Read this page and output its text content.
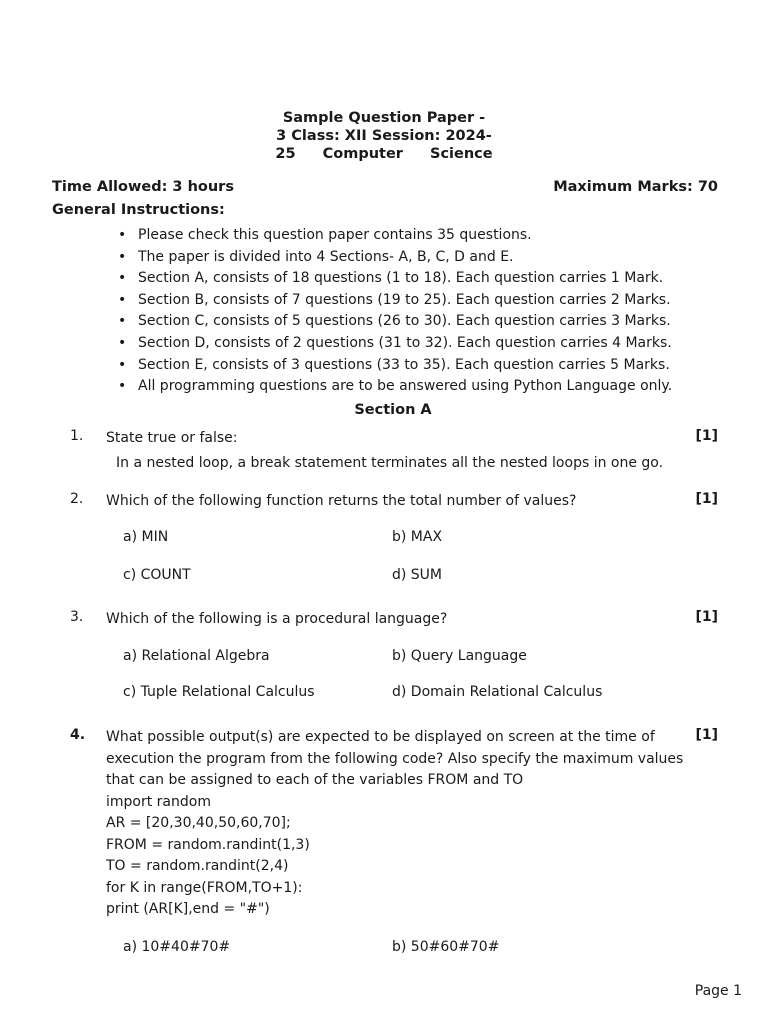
Sample Question Paper -
3 Class: XII Session: 2024-
25 Computer Science
Time Allowed: 3 hours	Maximum Marks: 70
General Instructions:
• Please check this question paper contains 35 questions.
• The paper is divided into 4 Sections- A, B, C, D and E.
• Section A, consists of 18 questions (1 to 18). Each question carries 1 Mark.
• Section B, consists of 7 questions (19 to 25). Each question carries 2 Marks.
• Section C, consists of 5 questions (26 to 30). Each question carries 3 Marks.
• Section D, consists of 2 questions (31 to 32). Each question carries 4 Marks.
• Section E, consists of 3 questions (33 to 35). Each question carries 5 Marks.
• All programming questions are to be answered using Python Language only.
Section A
1.	State true or false:	[1]
In a nested loop, a break statement terminates all the nested loops in one go.
2.	Which of the following function returns the total number of values?	[1]
a) MIN	b) MAX
c) COUNT	d) SUM
3.	Which of the following is a procedural language?	[1]
a) Relational Algebra	b) Query Language
c) Tuple Relational Calculus	d) Domain Relational Calculus
4.	What possible output(s) are expected to be displayed on screen at the time of
execution the program from the following code? Also specify the maximum values
that can be assigned to each of the variables FROM and TO
import random
AR = [20,30,40,50,60,70];
FROM = random.randint(1,3)
TO = random.randint(2,4)
for K in range(FROM,TO+1):
print (AR[K],end = "#")
[1]
a) 10#40#70#	b) 50#60#70#
Page 1
